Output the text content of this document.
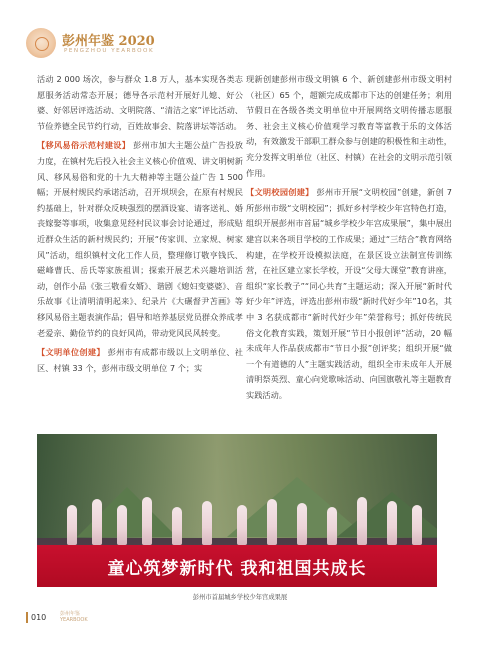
彭州年鉴 2020
PENGZHOU YEARBOOK

活动 2 000 场次，参与群众 1.8 万人，基本实现各类志愿服务活动常态开展；德导各示范村开展好儿媳、好公婆、好邻居评选活动、文明院落、“清洁之家”评比活动、节俭养德全民节约行动，百姓故事会、院落讲坛等活动。

【移风易俗示范村建设】 彭州市加大主题公益广告投放力度，在镇村先后投入社会主义核心价值观、讲文明树新风、移风易俗和党的十九大精神等主题公益广告 1 500 幅；开展村规民约承诺活动，召开坝坝会，在原有村规民约基础上，针对群众反映强烈的摆酒设宴、请客送礼、婚丧嫁娶等事项，收集意见经村民议事会讨论通过，形成贴近群众生活的新村规民约；开展“传家训、立家规、树家风”活动，组织镇村文化工作人员，整理修订敬亨钱氏、磁峰曹氏、岳氏等家族祖训；探索开展艺术兴趣培训活动，创作小品《张三敬看女婿》、谐剧《媳妇变婆婆》、音乐故事《让清明清明起来》、纪录片《大碾督尹苫画》等移风易俗主题表演作品；倡导和培养基层党员群众养成孝老爱亲、勤俭节约的良好风尚，带动党风民风转变。

【文明单位创建】 彭州市有成都市级以上文明单位、社区、村镇 33 个，彭州市级文明单位 7 个；实

现新创建彭州市级文明镇 6 个、新创建彭州市级文明村（社区）65 个，超额完成成都市下达的创建任务；利用节假日在各级各类文明单位中开展网络文明传播志愿服务、社会主义核心价值观学习教育等富教于乐的文体活动，有效激发干部职工群众参与创建的积极性和主动性，充分发挥文明单位（社区、村镇）在社会的文明示范引领作用。

【文明校园创建】 彭州市开展“文明校园”创建，新创 7 所彭州市级“文明校园”；抓好乡村学校少年宫特色打造，组织开展彭州市首届“城乡学校少年宫成果展”，集中展出建宫以来各项目学校的工作成果；通过“三结合”教育网络构建，在学校开设模拟法庭，在景区设立法制宣传训练营，在社区建立家长学校，开设“父母大课堂”教育讲座，组织“家长教子”“同心共育”主题运动；深入开展“新时代好少年”评选，评选出彭州市级“新时代好少年”10名，其中 3 名获成都市“新时代好少年”荣誉称号；抓好传统民俗文化教育实践，策划开展“节日小报创评”活动，20 幅未成年人作品获成都市“节日小报”创评奖；组织开展“做一个有道德的人”主题实践活动，组织全市未成年人开展清明祭英烈、童心向党歌咏活动、向国旗敬礼等主题教育实践活动。

童心筑梦新时代 我和祖国共成长
彭州市首届城乡学校少年宫成果展
010	彭州年鉴
YEARBOOK
